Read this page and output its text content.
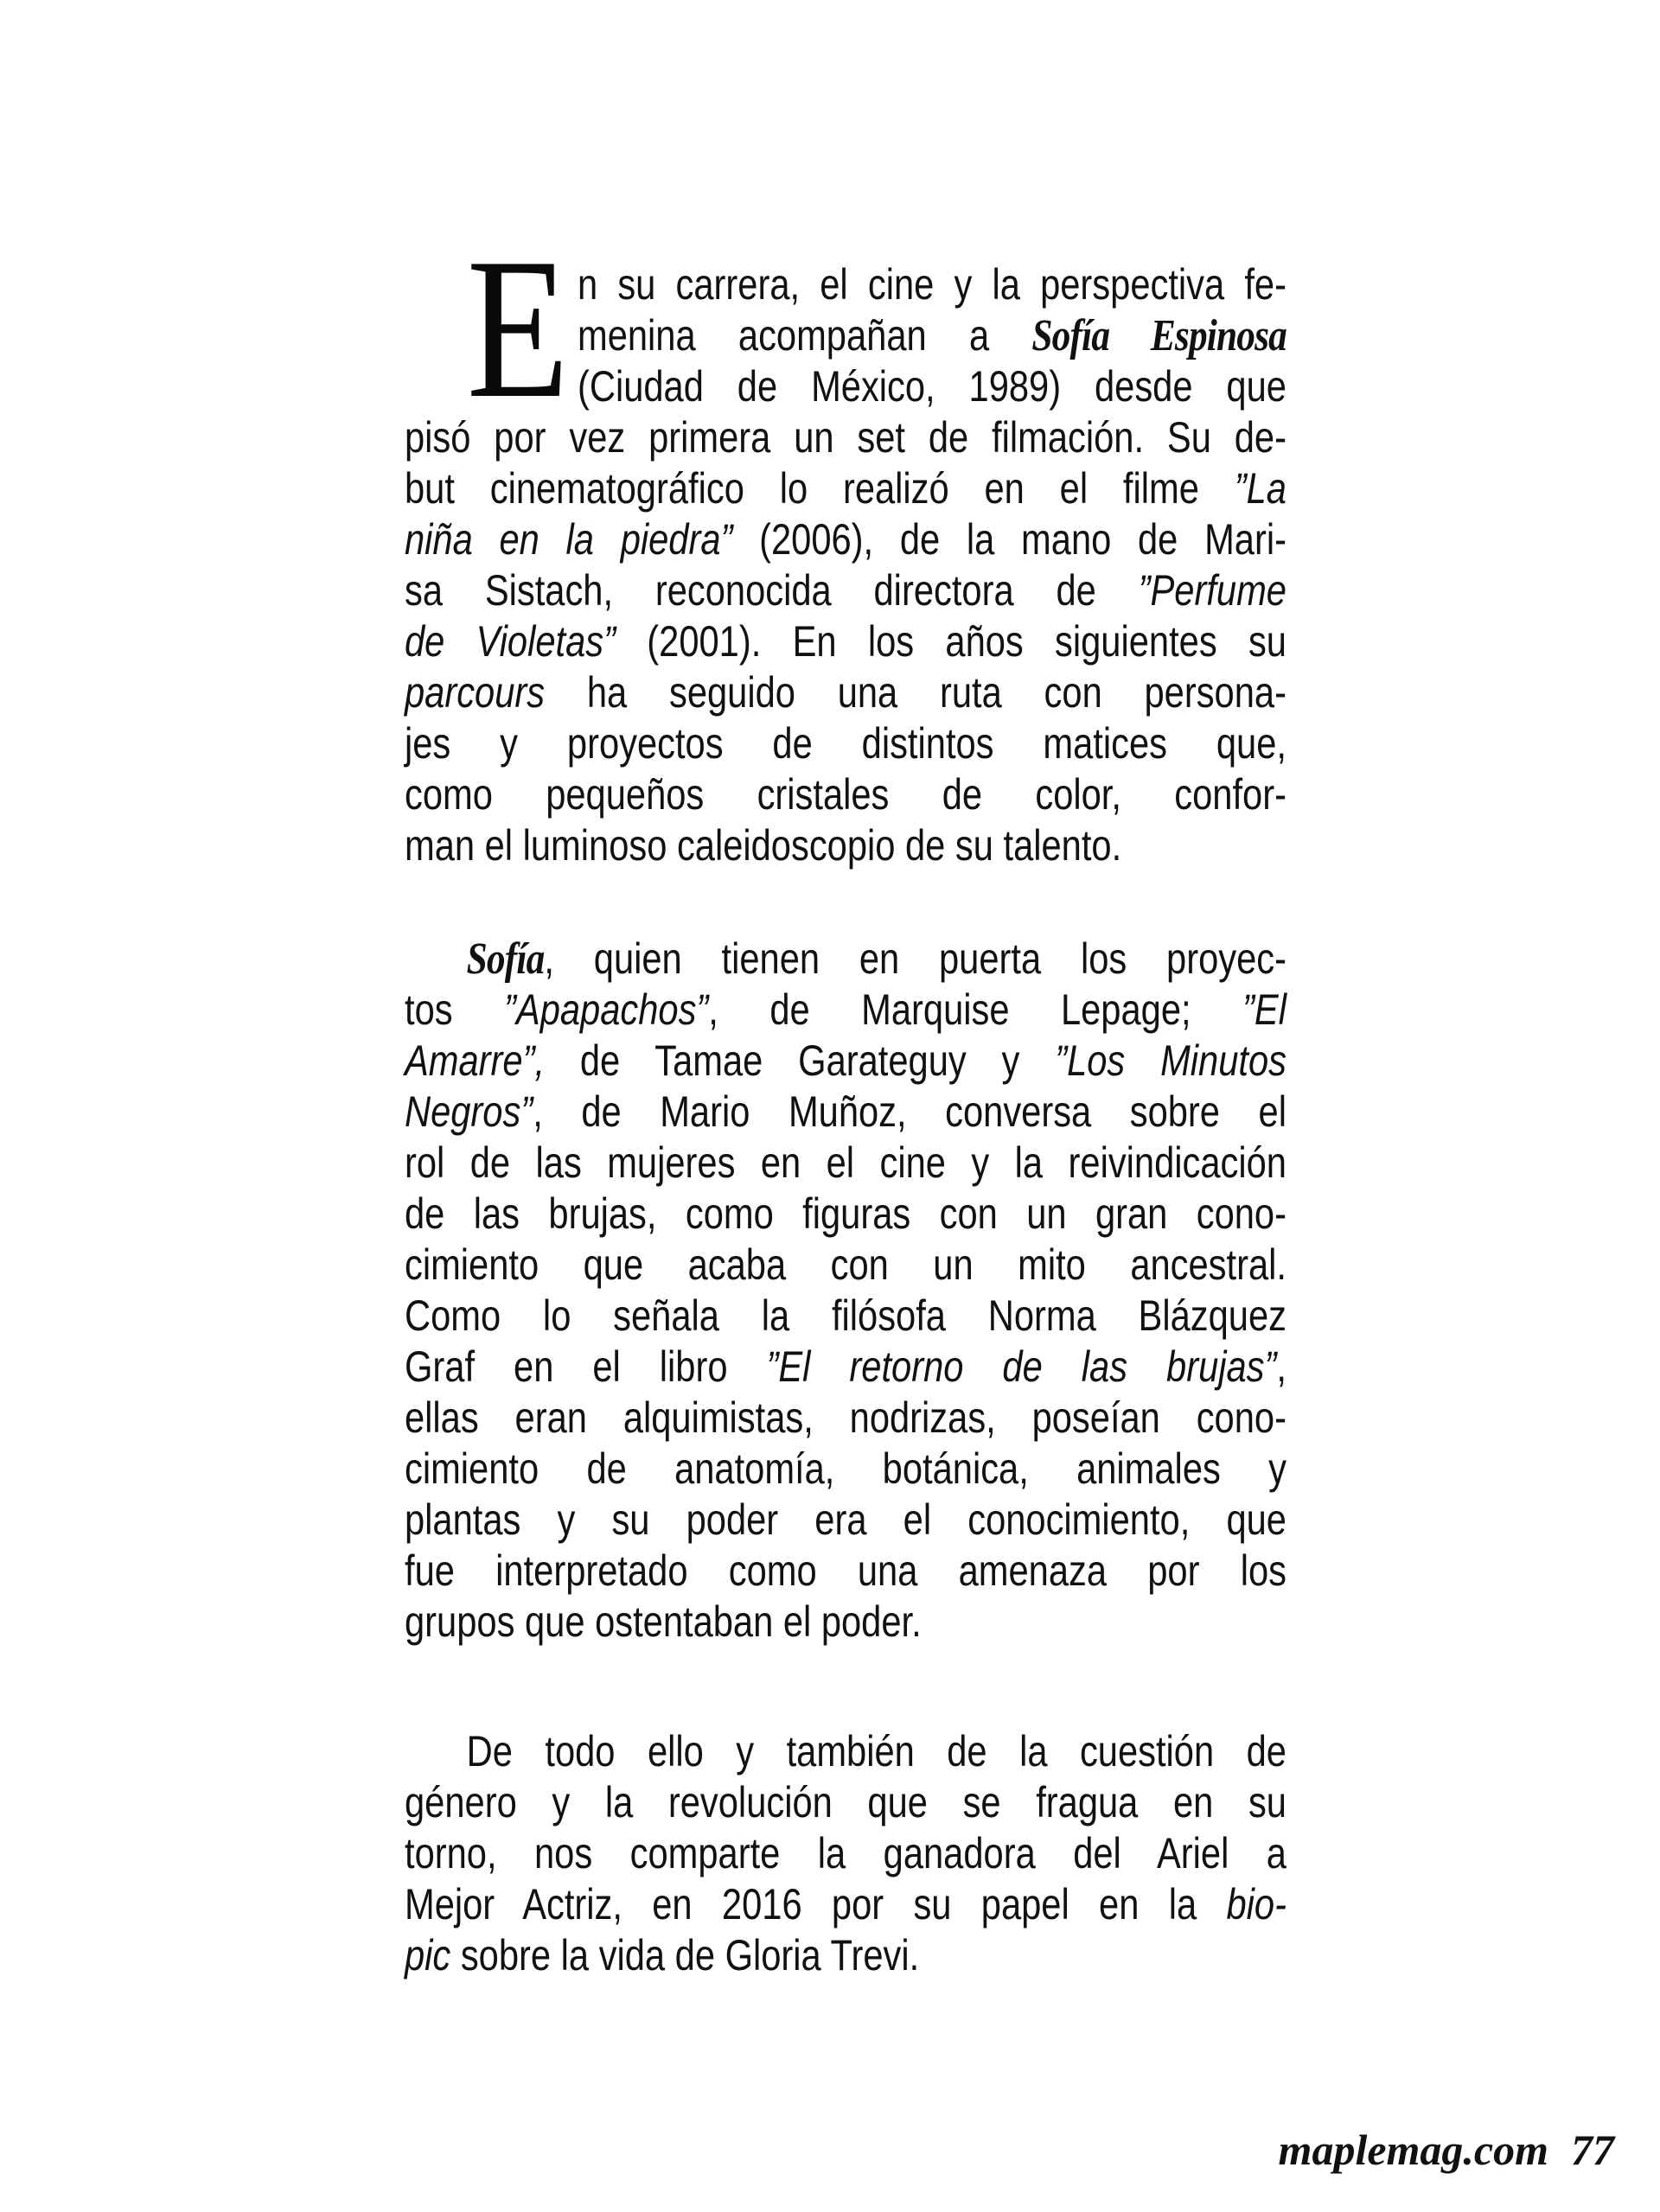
E n su carrera, el cine y la perspectiva fe-
menina acompañan a Sofía Espinosa
(Ciudad de México, 1989) desde que
pisó por vez primera un set de filmación. Su de-
but cinematográfico lo realizó en el filme ”La
niña en la piedra” (2006), de la mano de Mari-
sa Sistach, reconocida directora de ”Perfume
de Violetas” (2001). En los años siguientes su
parcours ha seguido una ruta con persona-
jes y proyectos de distintos matices que,
como pequeños cristales de color, confor-
man el luminoso caleidoscopio de su talento.
Sofía, quien tienen en puerta los proyec-
tos ”Apapachos”, de Marquise Lepage; ”El
Amarre”, de Tamae Garateguy y ”Los Minutos
Negros”, de Mario Muñoz, conversa sobre el
rol de las mujeres en el cine y la reivindicación
de las brujas, como figuras con un gran cono-
cimiento que acaba con un mito ancestral.
Como lo señala la filósofa Norma Blázquez
Graf en el libro ”El retorno de las brujas”,
ellas eran alquimistas, nodrizas, poseían cono-
cimiento de anatomía, botánica, animales y
plantas y su poder era el conocimiento, que
fue interpretado como una amenaza por los
grupos que ostentaban el poder.
De todo ello y también de la cuestión de
género y la revolución que se fragua en su
torno, nos comparte la ganadora del Ariel a
Mejor Actriz, en 2016 por su papel en la bio-
pic sobre la vida de Gloria Trevi.
maplemag.com 77
